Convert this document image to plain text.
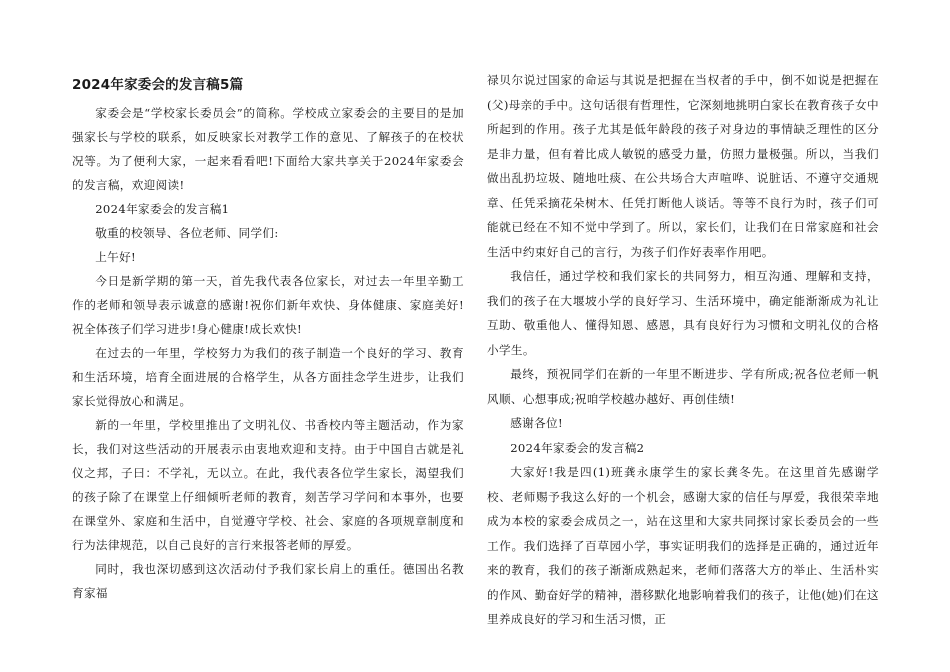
2024年家委会的发言稿5篇

家委会是“学校家长委员会”的简称。学校成立家委会的主要目的是加强家长与学校的联系，如反映家长对教学工作的意见、了解孩子的在校状况等。为了便利大家，一起来看看吧!下面给大家共享关于2024年家委会的发言稿，欢迎阅读!

2024年家委会的发言稿1

敬重的校领导、各位老师、同学们:

上午好!

今日是新学期的第一天，首先我代表各位家长，对过去一年里辛勤工作的老师和领导表示诚意的感谢!祝你们新年欢快、身体健康、家庭美好!祝全体孩子们学习进步!身心健康!成长欢快!

在过去的一年里，学校努力为我们的孩子制造一个良好的学习、教育和生活环境，培育全面进展的合格学生，从各方面挂念学生进步，让我们家长觉得放心和满足。

新的一年里，学校里推出了文明礼仪、书香校内等主题活动，作为家长，我们对这些活动的开展表示由衷地欢迎和支持。由于中国自古就是礼仪之邦，子曰：不学礼，无以立。在此，我代表各位学生家长，渴望我们的孩子除了在课堂上仔细倾听老师的教育，刻苦学习学问和本事外，也要在课堂外、家庭和生活中，自觉遵守学校、社会、家庭的各项规章制度和行为法律规范，以自己良好的言行来报答老师的厚爱。

同时，我也深切感到这次活动付予我们家长肩上的重任。德国出名教育家福

禄贝尔说过国家的命运与其说是把握在当权者的手中，倒不如说是把握在(父)母亲的手中。这句话很有哲理性，它深刻地挑明白家长在教育孩子女中所起到的作用。孩子尤其是低年龄段的孩子对身边的事情缺乏理性的区分是非力量，但有着比成人敏锐的感受力量，仿照力量极强。所以，当我们做出乱扔垃圾、随地吐痰、在公共场合大声喧哗、说脏话、不遵守交通规章、任凭采摘花朵树木、任凭打断他人谈话。等等不良行为时，孩子们可能就已经在不知不觉中学到了。所以，家长们，让我们在日常家庭和社会生活中约束好自己的言行，为孩子们作好表率作用吧。

我信任，通过学校和我们家长的共同努力，相互沟通、理解和支持，我们的孩子在大堰坡小学的良好学习、生活环境中，确定能渐渐成为礼让互助、敬重他人、懂得知恩、感恩，具有良好行为习惯和文明礼仪的合格小学生。

最终，预祝同学们在新的一年里不断进步、学有所成;祝各位老师一帆风顺、心想事成;祝咱学校越办越好、再创佳绩!

感谢各位!

2024年家委会的发言稿2

大家好!我是四(1)班龚永康学生的家长龚冬先。在这里首先感谢学校、老师赐予我这么好的一个机会，感谢大家的信任与厚爱，我很荣幸地成为本校的家委会成员之一，站在这里和大家共同探讨家长委员会的一些工作。我们选择了百草园小学，事实证明我们的选择是正确的，通过近年来的教育，我们的孩子渐渐成熟起来，老师们落落大方的举止、生活朴实的作风、勤奋好学的精神，潜移默化地影响着我们的孩子，让他(她)们在这里养成良好的学习和生活习惯，正
